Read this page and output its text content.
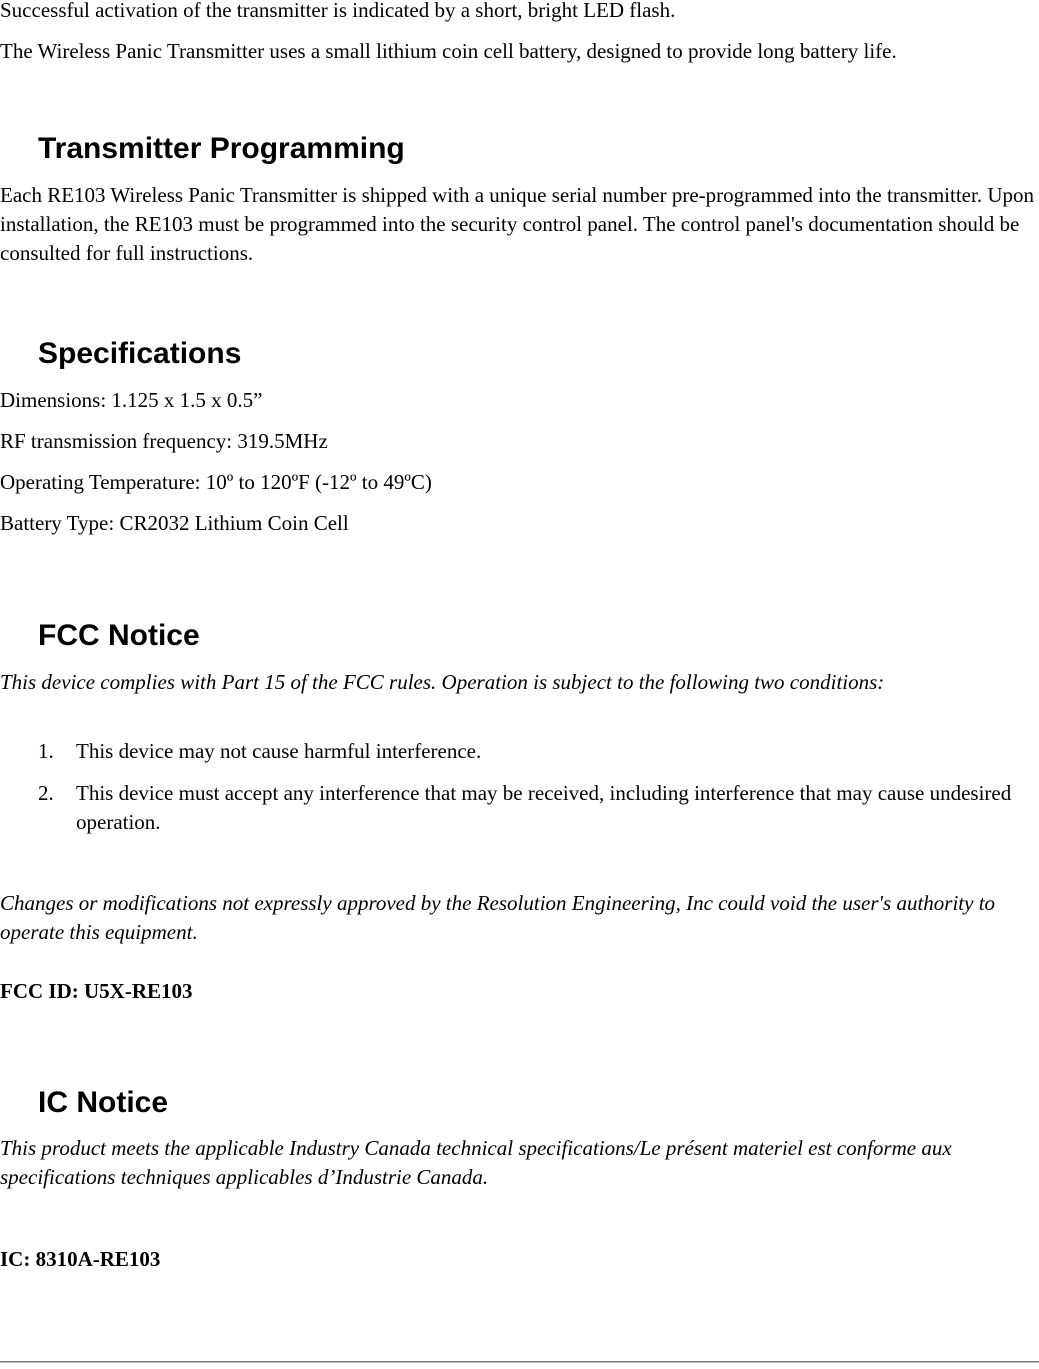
Successful activation of the transmitter is indicated by a short, bright LED flash.

The Wireless Panic Transmitter uses a small lithium coin cell battery, designed to provide long battery life.

Transmitter Programming

Each RE103 Wireless Panic Transmitter is shipped with a unique serial number pre-programmed into the transmitter. Upon installation, the RE103 must be programmed into the security control panel. The control panel's documentation should be consulted for full instructions.

Specifications

Dimensions: 1.125 x 1.5 x 0.5”

RF transmission frequency: 319.5MHz

Operating Temperature: 10º to 120ºF (-12º to 49ºC)

Battery Type: CR2032 Lithium Coin Cell

FCC Notice

This device complies with Part 15 of the FCC rules. Operation is subject to the following two conditions:

1. This device may not cause harmful interference.
2. This device must accept any interference that may be received, including interference that may cause undesired operation.

Changes or modifications not expressly approved by the Resolution Engineering, Inc could void the user's authority to operate this equipment.

FCC ID: U5X-RE103

IC Notice

This product meets the applicable Industry Canada technical specifications/Le présent materiel est conforme aux specifications techniques applicables d’Industrie Canada.

IC: 8310A-RE103
